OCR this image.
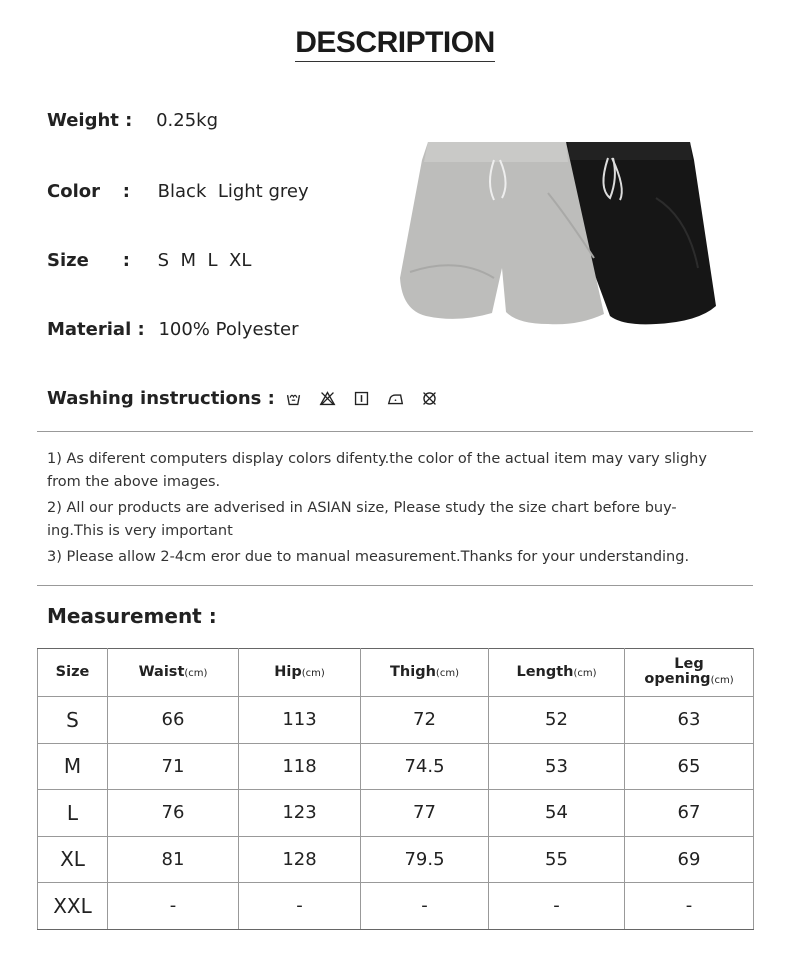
DESCRIPTION
Weight : 0.25kg
Color : Black  Light grey
Size : S  M  L  XL
Material : 100% Polyester
Washing instructions :

1) As diferent computers display colors difenty.the color of the actual item may vary slighy from the above images.

2) All our products are adverised in ASIAN size, Please study the size chart before buy-ing.This is very important

3) Please allow 2-4cm eror due to manual measurement.Thanks for your understanding.

Measurement :
Size	Waist(cm)	Hip(cm)	Thigh(cm)	Length(cm)	Leg
opening(cm)
S	66	113	72	52	63
M	71	118	74.5	53	65
L	76	123	77	54	67
XL	81	128	79.5	55	69
XXL	-	-	-	-	-
